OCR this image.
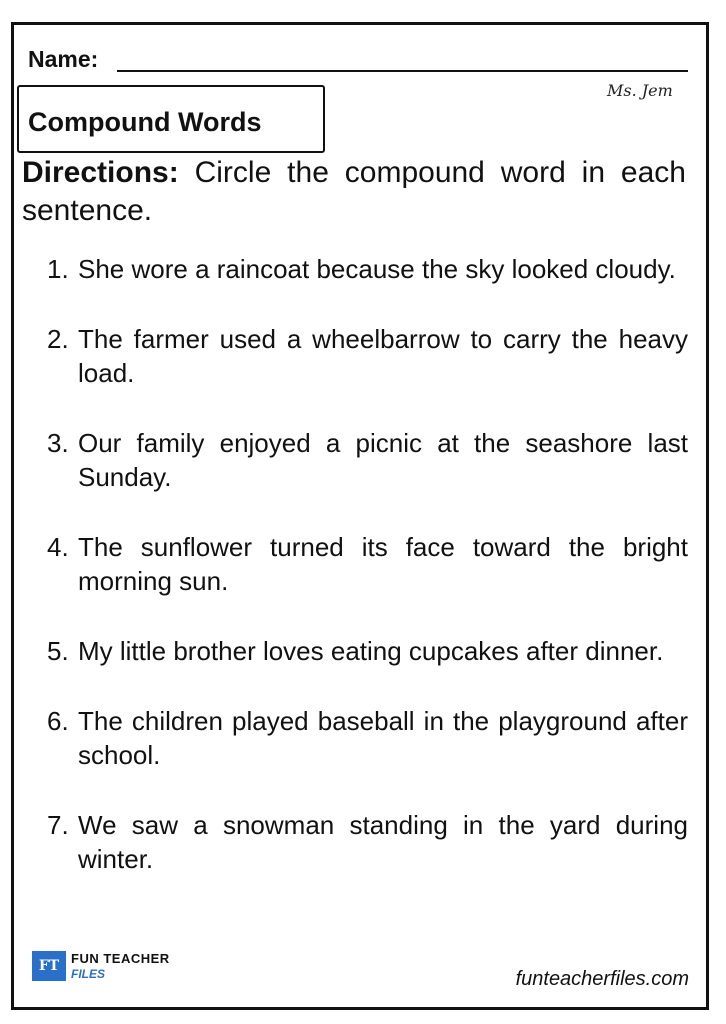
Name:
Ms. Jem
Compound Words
Directions: Circle the compound word in each sentence.
1. She wore a raincoat because the sky looked cloudy.
2. The farmer used a wheelbarrow to carry the heavy load.
3. Our family enjoyed a picnic at the seashore last Sunday.
4. The sunflower turned its face toward the bright morning sun.
5. My little brother loves eating cupcakes after dinner.
6. The children played baseball in the playground after school.
7. We saw a snowman standing in the yard during winter.
FT FUN TEACHER
FILES	funteacherfiles.com
